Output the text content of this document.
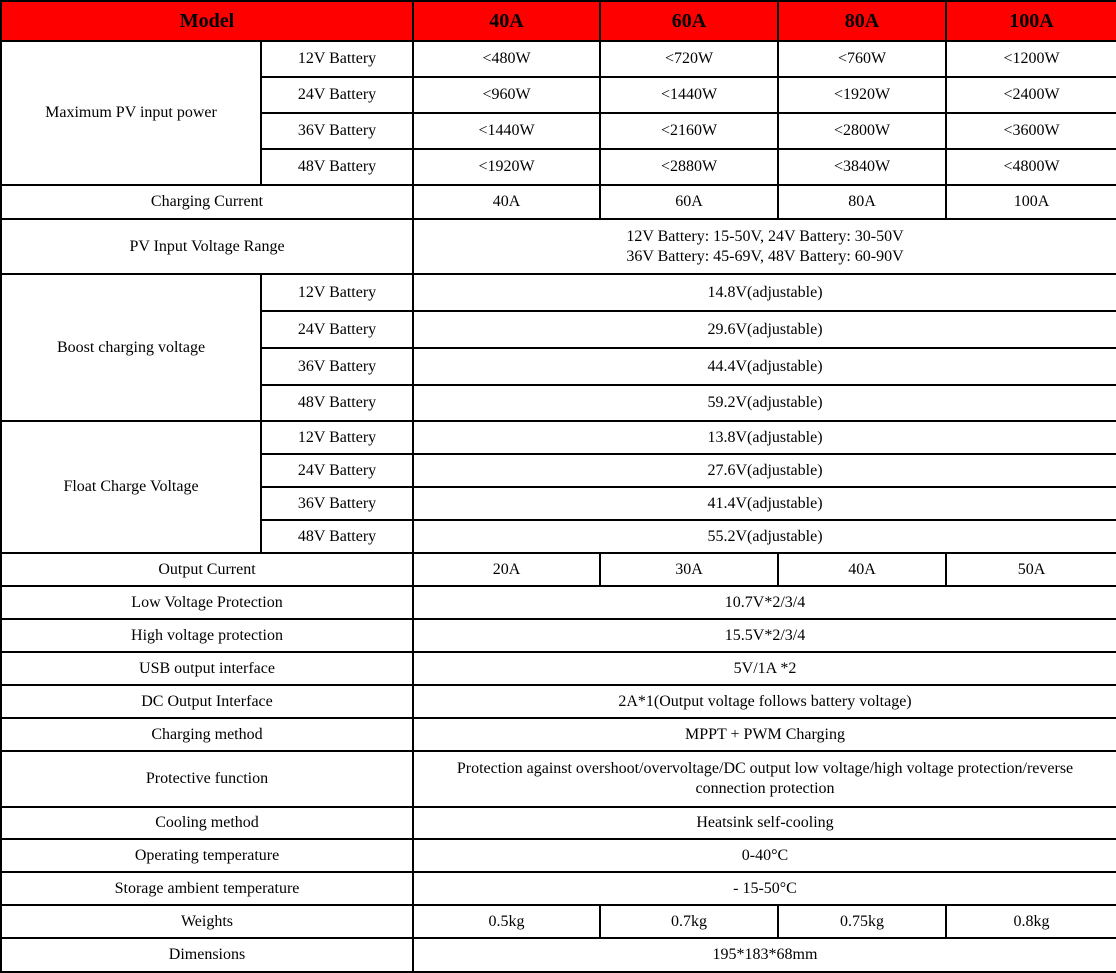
Model		40A	60A	80A	100A
Maximum PV input power	12V Battery	<480W	<720W	<760W	<1200W
	24V Battery	<960W	<1440W	<1920W	<2400W
	36V Battery	<1440W	<2160W	<2800W	<3600W
	48V Battery	<1920W	<2880W	<3840W	<4800W
Charging Current		40A	60A	80A	100A
PV Input Voltage Range		12V Battery: 15-50V, 24V Battery: 30-50V
36V Battery: 45-69V, 48V Battery: 60-90V			

Boost charging voltage	12V Battery	14.8V(adjustable)			
	24V Battery	29.6V(adjustable)			
	36V Battery	44.4V(adjustable)			
	48V Battery	59.2V(adjustable)			
Float Charge Voltage	12V Battery	13.8V(adjustable)			
	24V Battery	27.6V(adjustable)			
	36V Battery	41.4V(adjustable)			
	48V Battery	55.2V(adjustable)			
Output Current		20A	30A	40A	50A
Low Voltage Protection		10.7V*2/3/4			
High voltage protection		15.5V*2/3/4			
USB output interface		5V/1A *2			
DC Output Interface		2A*1(Output voltage follows battery voltage)			
Charging method		MPPT + PWM Charging			
Protective function		Protection against overshoot/overvoltage/DC output low voltage/high voltage protection/reverse connection protection			

Cooling method		Heatsink self-cooling			
Operating temperature		0-40°C			
Storage ambient temperature		- 15-50°C			
Weights		0.5kg	0.7kg	0.75kg	0.8kg
Dimensions		195*183*68mm			
